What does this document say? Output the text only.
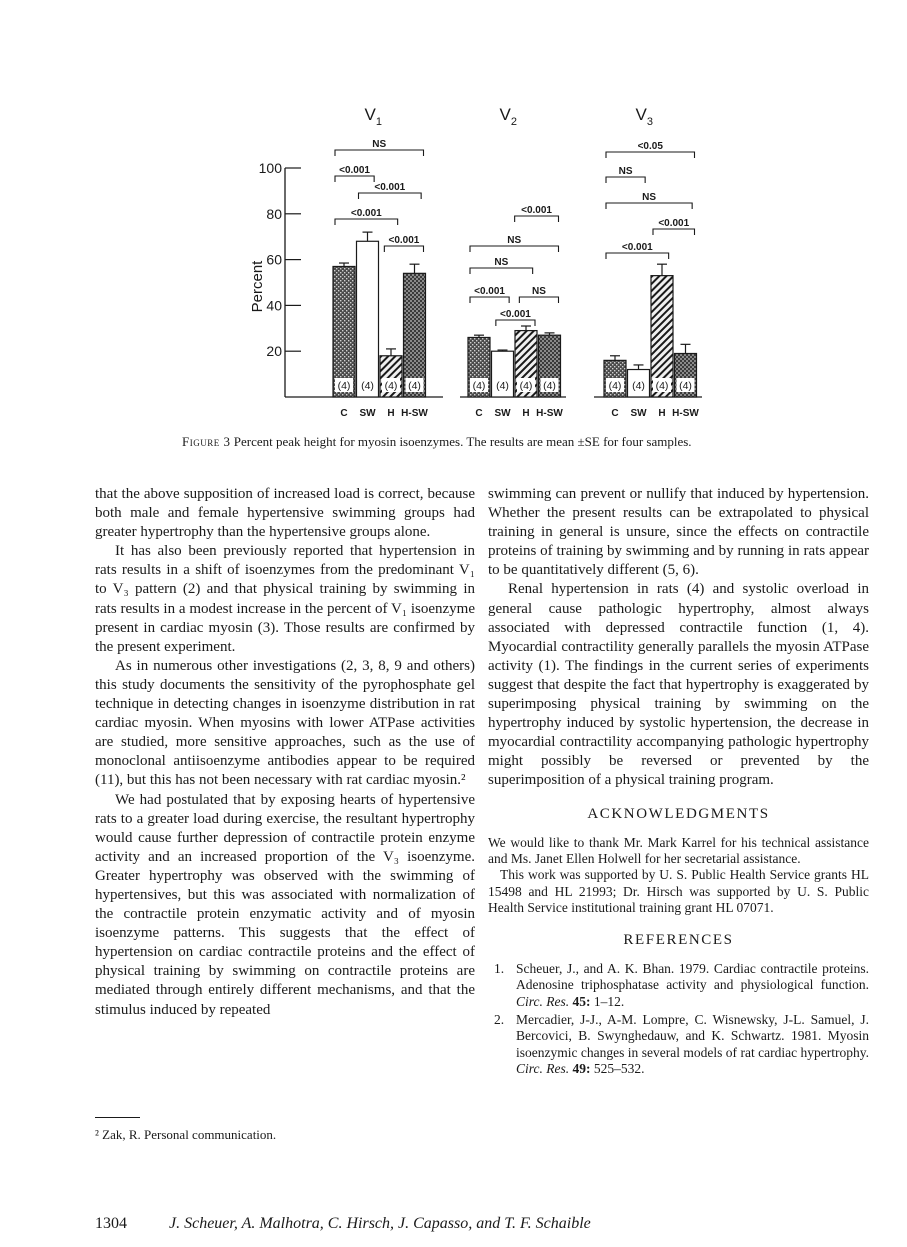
20
40
60
80
100
Percent
$V_1$
(4)
C
(4)
SW
(4)
H
(4)
H-SW
$V_2$
(4)
C
(4)
SW
(4)
H
(4)
H-SW
$V_3$
(4)
C
(4)
SW
(4)
H
(4)
H-SW
NS
<0.001
<0.001
<0.001
<0.001
<0.001
NS
NS
<0.001	NS
<0.001
<0.05
NS
NS
<0.001
<0.001
Figure 3 Percent peak height for myosin isoenzymes. The results are mean ±SE for four samples.

that the above supposition of increased load is correct, because both male and female hypertensive swimming groups had greater hypertrophy than the hypertensive groups alone.

It has also been previously reported that hypertension in rats results in a shift of isoenzymes from the predominant V₁ to V₃ pattern (2) and that physical training by swimming in rats results in a modest increase in the percent of V₁ isoenzyme present in cardiac myosin (3). Those results are confirmed by the present experiment.

As in numerous other investigations (2, 3, 8, 9 and others) this study documents the sensitivity of the pyrophosphate gel technique in detecting changes in isoenzyme distribution in rat cardiac myosin. When myosins with lower ATPase activities are studied, more sensitive approaches, such as the use of monoclonal antiisoenzyme antibodies appear to be required (11), but this has not been necessary with rat cardiac myosin.²

We had postulated that by exposing hearts of hypertensive rats to a greater load during exercise, the resultant hypertrophy would cause further depression of contractile protein enzyme activity and an increased proportion of the V₃ isoenzyme. Greater hypertrophy was observed with the swimming of hypertensives, but this was associated with normalization of the contractile protein enzymatic activity and of myosin isoenzyme patterns. This suggests that the effect of hypertension on cardiac contractile proteins and the effect of physical training by swimming on contractile proteins are mediated through entirely different mechanisms, and that the stimulus induced by repeated

² Zak, R. Personal communication.

swimming can prevent or nullify that induced by hypertension. Whether the present results can be extrapolated to physical training in general is unsure, since the effects on contractile proteins of training by swimming and by running in rats appear to be quantitatively different (5, 6).

Renal hypertension in rats (4) and systolic overload in general cause pathologic hypertrophy, almost always associated with depressed contractile function (1, 4). Myocardial contractility generally parallels the myosin ATPase activity (1). The findings in the current series of experiments suggest that despite the fact that hypertrophy is exaggerated by superimposing physical training by swimming on the hypertrophy induced by systolic hypertension, the decrease in myocardial contractility accompanying pathologic hypertrophy might possibly be reversed or prevented by the superimposition of a physical training program.

ACKNOWLEDGMENTS

We would like to thank Mr. Mark Karrel for his technical assistance and Ms. Janet Ellen Holwell for her secretarial assistance.

This work was supported by U. S. Public Health Service grants HL 15498 and HL 21993; Dr. Hirsch was supported by U. S. Public Health Service institutional training grant HL 07071.

REFERENCES
1. Scheuer, J., and A. K. Bhan. 1979. Cardiac contractile proteins. Adenosine triphosphatase activity and physiological function. Circ. Res. 45: 1–12.
2. Mercadier, J-J., A-M. Lompre, C. Wisnewsky, J-L. Samuel, J. Bercovici, B. Swynghedauw, and K. Schwartz. 1981. Myosin isoenzymic changes in several models of rat cardiac hypertrophy. Circ. Res. 49: 525–532.
1304	J. Scheuer, A. Malhotra, C. Hirsch, J. Capasso, and T. F. Schaible
